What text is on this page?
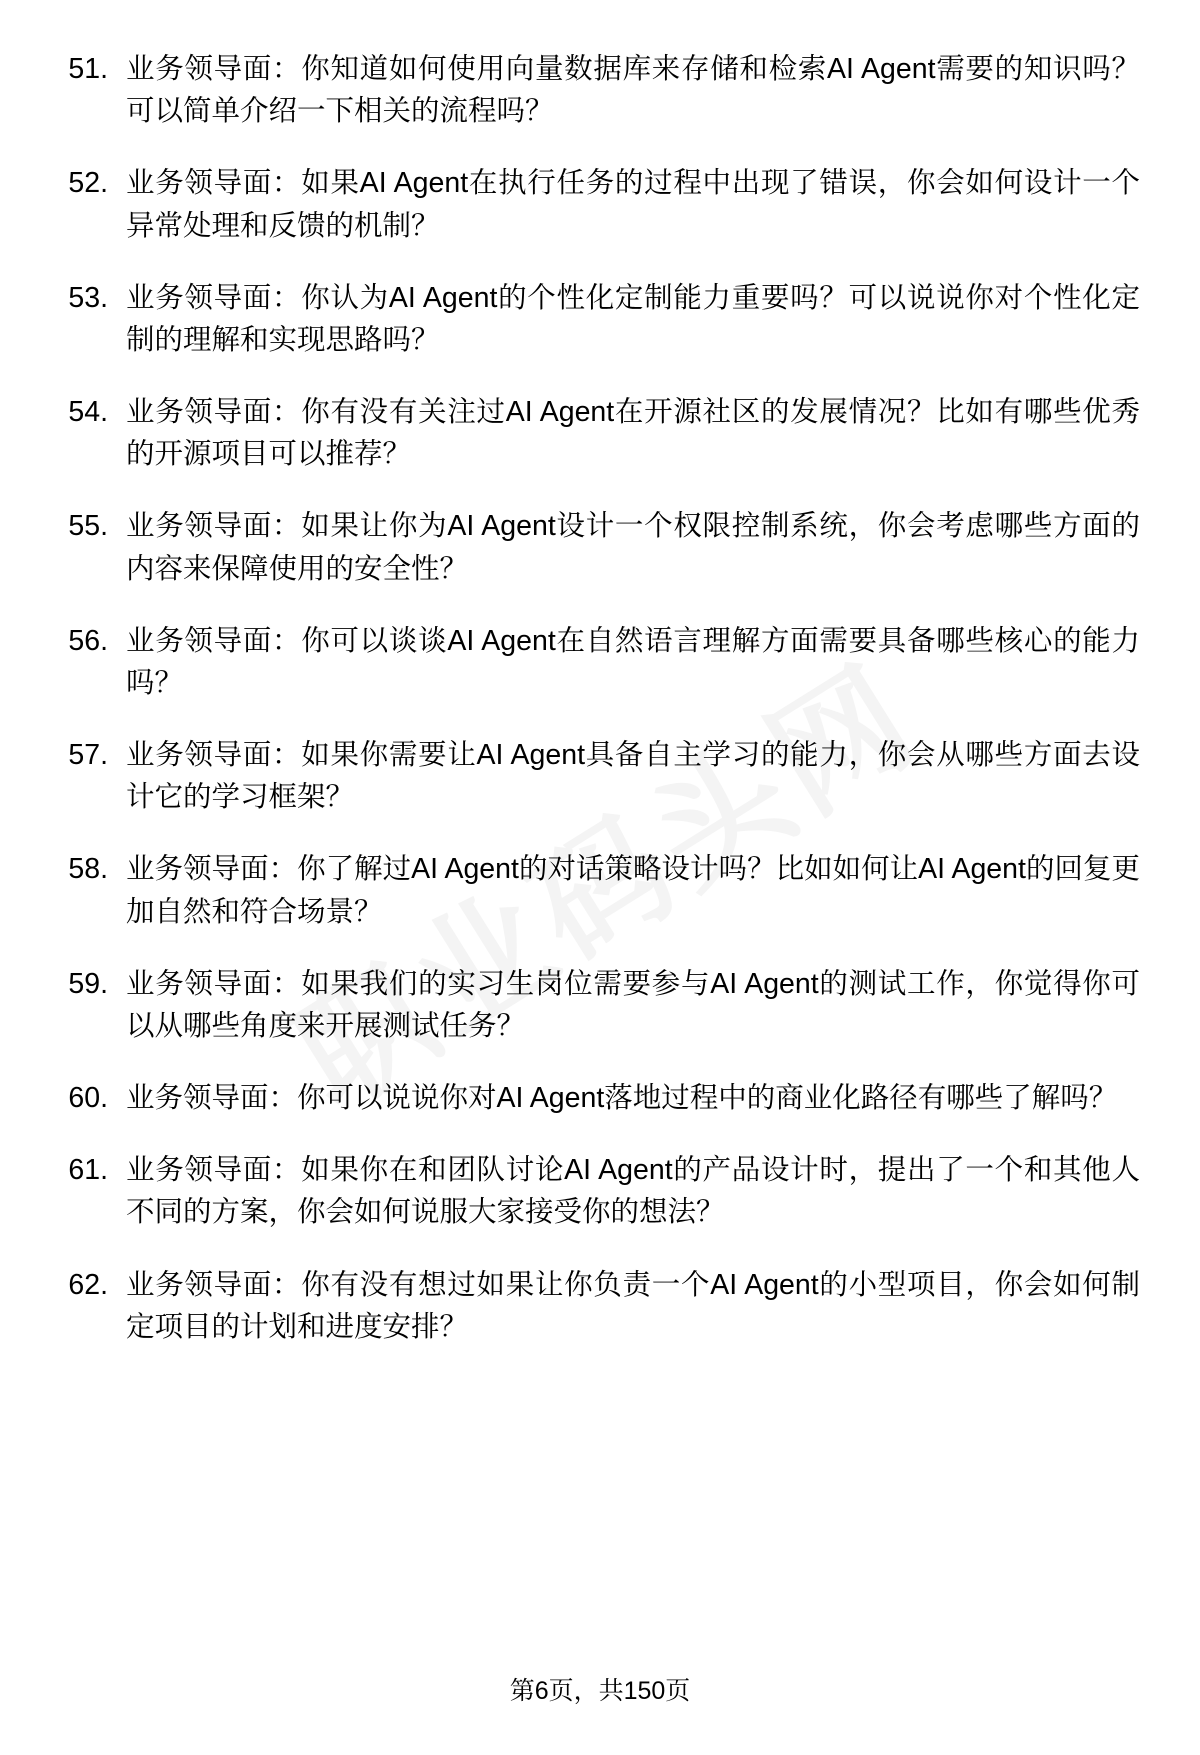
51. 业务领导面：你知道如何使用向量数据库来存储和检索AI Agent需要的知识吗？可以简单介绍一下相关的流程吗？
52. 业务领导面：如果AI Agent在执行任务的过程中出现了错误，你会如何设计一个异常处理和反馈的机制？
53. 业务领导面：你认为AI Agent的个性化定制能力重要吗？可以说说你对个性化定制的理解和实现思路吗？
54. 业务领导面：你有没有关注过AI Agent在开源社区的发展情况？比如有哪些优秀的开源项目可以推荐？
55. 业务领导面：如果让你为AI Agent设计一个权限控制系统，你会考虑哪些方面的内容来保障使用的安全性？
56. 业务领导面：你可以谈谈AI Agent在自然语言理解方面需要具备哪些核心的能力吗？
57. 业务领导面：如果你需要让AI Agent具备自主学习的能力，你会从哪些方面去设计它的学习框架？
58. 业务领导面：你了解过AI Agent的对话策略设计吗？比如如何让AI Agent的回复更加自然和符合场景？
59. 业务领导面：如果我们的实习生岗位需要参与AI Agent的测试工作，你觉得你可以从哪些角度来开展测试任务？
60. 业务领导面：你可以说说你对AI Agent落地过程中的商业化路径有哪些了解吗？
61. 业务领导面：如果你在和团队讨论AI Agent的产品设计时，提出了一个和其他人不同的方案，你会如何说服大家接受你的想法？
62. 业务领导面：你有没有想过如果让你负责一个AI Agent的小型项目，你会如何制定项目的计划和进度安排？
第6页，共150页
